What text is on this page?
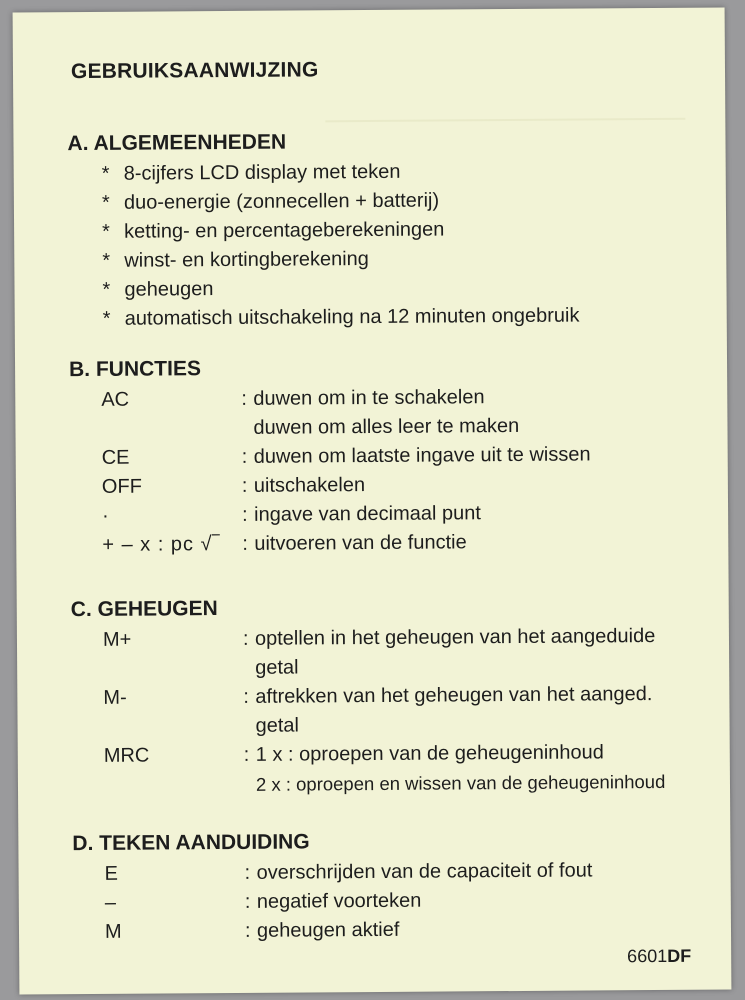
GEBRUIKSAANWIJZING
A. ALGEMEENHEDEN
* 8-cijfers LCD display met teken
* duo-energie (zonnecellen + batterij)
* ketting- en percentageberekeningen
* winst- en kortingberekening
* geheugen
* automatisch uitschakeling na 12 minuten ongebruik
B. FUNCTIES
AC	: duwen om in te schakelen
duwen om alles leer te maken
CE	: duwen om laatste ingave uit te wissen
OFF	: uitschakelen
·	: ingave van decimaal punt
+ – x : pc √‾	: uitvoeren van de functie
C. GEHEUGEN
M+	: optellen in het geheugen van het aangeduide
getal
M-	: aftrekken van het geheugen van het aanged.
getal
MRC	: 1 x : oproepen van de geheugeninhoud
2 x : oproepen en wissen van de geheugeninhoud
D. TEKEN AANDUIDING
E	: overschrijden van de capaciteit of fout
–	: negatief voorteken
M	: geheugen aktief
6601DF
